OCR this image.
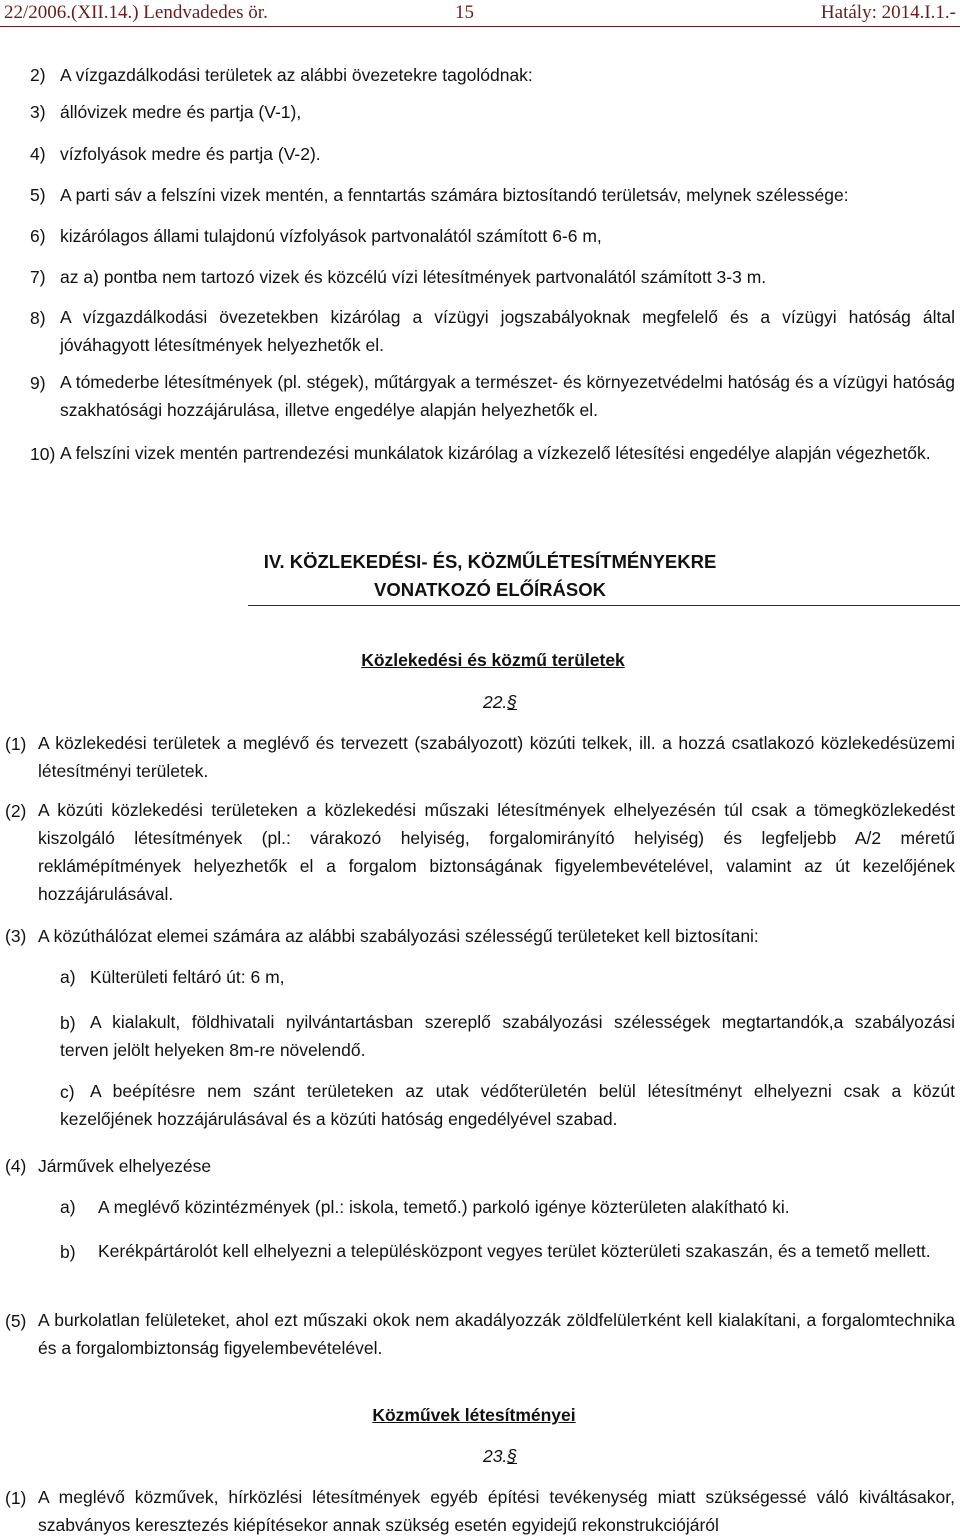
22/2006.(XII.14.) Lendvadedes ör.	15	Hatály: 2014.I.1.-
2) A vízgazdálkodási területek az alábbi övezetekre tagolódnak:
3) állóvizek medre és partja (V-1),
4) vízfolyások medre és partja (V-2).
5) A parti sáv a felszíni vizek mentén, a fenntartás számára biztosítandó területsáv, melynek szélessége:
6) kizárólagos állami tulajdonú vízfolyások partvonalától számított 6-6 m,
7) az a) pontba nem tartozó vizek és közcélú vízi létesítmények partvonalától számított 3-3 m.
8) A vízgazdálkodási övezetekben kizárólag a vízügyi jogszabályoknak megfelelő és a vízügyi hatóság által jóváhagyott létesítmények helyezhetők el.
9) A tómederbe létesítmények (pl. stégek), műtárgyak a természet- és környezetvédelmi hatóság és a vízügyi hatóság szakhatósági hozzájárulása, illetve engedélye alapján helyezhetők el.
10) A felszíni vizek mentén partrendezési munkálatok kizárólag a vízkezelő létesítési engedélye alapján végezhetők.
IV. KÖZLEKEDÉSI- ÉS, KÖZMŰLÉTESÍTMÉNYEKRE
VONATKOZÓ ELŐÍRÁSOK
Közlekedési és közmű területek
22.§
(1) A közlekedési területek a meglévő és tervezett (szabályozott) közúti telkek, ill. a hozzá csatlakozó közlekedésüzemi létesítményi területek.
(2) A közúti közlekedési területeken a közlekedési műszaki létesítmények elhelyezésén túl csak a tömegközlekedést kiszolgáló létesítmények (pl.: várakozó helyiség, forgalomirányító helyiség) és legfeljebb A/2 méretű reklámépítmények helyezhetők el a forgalom biztonságának figyelembevételével, valamint az út kezelőjének hozzájárulásával.
(3) A közúthálózat elemei számára az alábbi szabályozási szélességű területeket kell biztosítani:
a) Külterületi feltáró út: 6 m,
b) A kialakult, földhivatali nyilvántartásban szereplő szabályozási szélességek megtartandók,a szabályozási terven jelölt helyeken 8m-re növelendő.
c) A beépítésre nem szánt területeken az utak védőterületén belül létesítményt elhelyezni csak a közút kezelőjének hozzájárulásával és a közúti hatóság engedélyével szabad.
(4) Járművek elhelyezése
a) A meglévő közintézmények (pl.: iskola, temető.) parkoló igénye közterületen alakítható ki.
b) Kerékpártárolót kell elhelyezni a településközpont vegyes terület közterületi szakaszán, és a temető mellett.
(5) A burkolatlan felületeket, ahol ezt műszaki okok nem akadályozzák zöldfelülетként kell kialakítani, a forgalomtechnika és a forgalombiztonság figyelembevételével.
Közművek létesítményei
23.§
(1) A meglévő közművek, hírközlési létesítmények egyéb építési tevékenység miatt szükségessé váló kiváltásakor, szabványos keresztezés kiépítésekor annak szükség esetén egyidejű rekonstrukciójáról
